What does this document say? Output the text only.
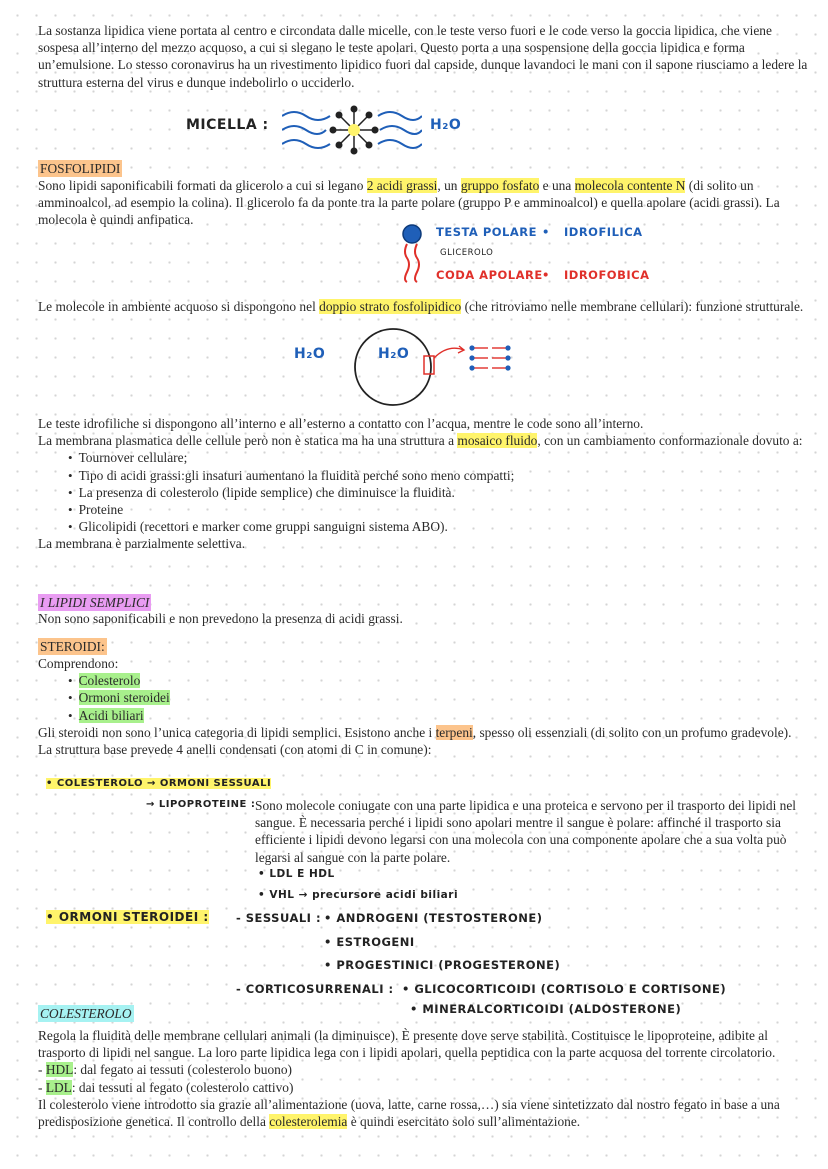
La sostanza lipidica viene portata al centro e circondata dalle micelle, con le teste verso fuori e le code verso la goccia lipidica, che viene sospesa all’interno del mezzo acquoso, a cui si slegano le teste apolari. Questo porta a una sospensione della goccia lipidica e forma un’emulsione. Lo stesso coronavirus ha un rivestimento lipidico fuori dal capside, dunque lavandoci le mani con il sapone riusciamo a ledere la struttura esterna del virus e dunque indebolirlo o ucciderlo.

MICELLA :	H₂O
FOSFOLIPIDI

Sono lipidi saponificabili formati da glicerolo a cui si legano 2 acidi grassi, un gruppo fosfato e una molecola contente N (di solito un amminoalcol, ad esempio la colina). Il glicerolo fa da ponte tra la parte polare (gruppo P e amminoalcol) e quella apolare (acidi grassi). La molecola è quindi anfipatica.

TESTA POLARE • IDROFILICA
GLICEROLO
CODA APOLARE • IDROFOBICA

Le molecole in ambiente acquoso si dispongono nel doppio strato fosfolipidico (che ritroviamo nelle membrane cellulari): funzione strutturale.

H₂O	H₂O

Le teste idrofiliche si dispongono all’interno e all’esterno a contatto con l’acqua, mentre le code sono all’interno.

La membrana plasmatica delle cellule però non è statica ma ha una struttura a mosaico fluido, con un cambiamento conformazionale dovuto a:

• Tournover cellulare;
• Tipo di acidi grassi:gli insaturi aumentano la fluidità perché sono meno compatti;
• La presenza di colesterolo (lipide semplice) che diminuisce la fluidità.
• Proteine
• Glicolipidi (recettori e marker come gruppi sanguigni sistema ABO).

La membrana è parzialmente selettiva.

I LIPIDI SEMPLICI
Non sono saponificabili e non prevedono la presenza di acidi grassi.
STEROIDI:

Comprendono:

• Colesterolo
• Ormoni steroidei
• Acidi biliari

Gli steroidi non sono l’unica categoria di lipidi semplici. Esistono anche i terpeni, spesso oli essenziali (di solito con un profumo gradevole).

La struttura base prevede 4 anelli condensati (con atomi di C in comune):

• COLESTEROLO → ORMONI SESSUALI
→ LIPOPROTEINE : Sono molecole coniugate con una parte lipidica e una proteica e servono per il trasporto dei lipidi nel sangue. È necessaria perché i lipidi sono apolari mentre il sangue è polare: affinché il trasporto sia efficiente i lipidi devono legarsi con una molecola con una componente apolare che a sua volta può legarsi al sangue con la parte polare.
• LDL E HDL
• VHL → precursore acidi biliari
• ORMONI STEROIDEI : - SESSUALI : • ANDROGENI (TESTOSTERONE)
• ESTROGENI
• PROGESTINICI (PROGESTERONE)
- CORTICOSURRENALI : • GLICOCORTICOIDI (CORTISOLO E CORTISONE)
• MINERALCORTICOIDI (ALDOSTERONE)
COLESTEROLO

Regola la fluidità delle membrane cellulari animali (la diminuisce). È presente dove serve stabilità. Costituisce le lipoproteine, adibite al trasporto di lipidi nel sangue. La loro parte lipidica lega con i lipidi apolari, quella peptidica con la parte acquosa del torrente circolatorio.

- HDL: dal fegato ai tessuti (colesterolo buono)

- LDL: dai tessuti al fegato (colesterolo cattivo)

Il colesterolo viene introdotto sia grazie all’alimentazione (uova, latte, carne rossa,…) sia viene sintetizzato dal nostro fegato in base a una predisposizione genetica. Il controllo della colesterolemia è quindi esercitato solo sull’alimentazione.
